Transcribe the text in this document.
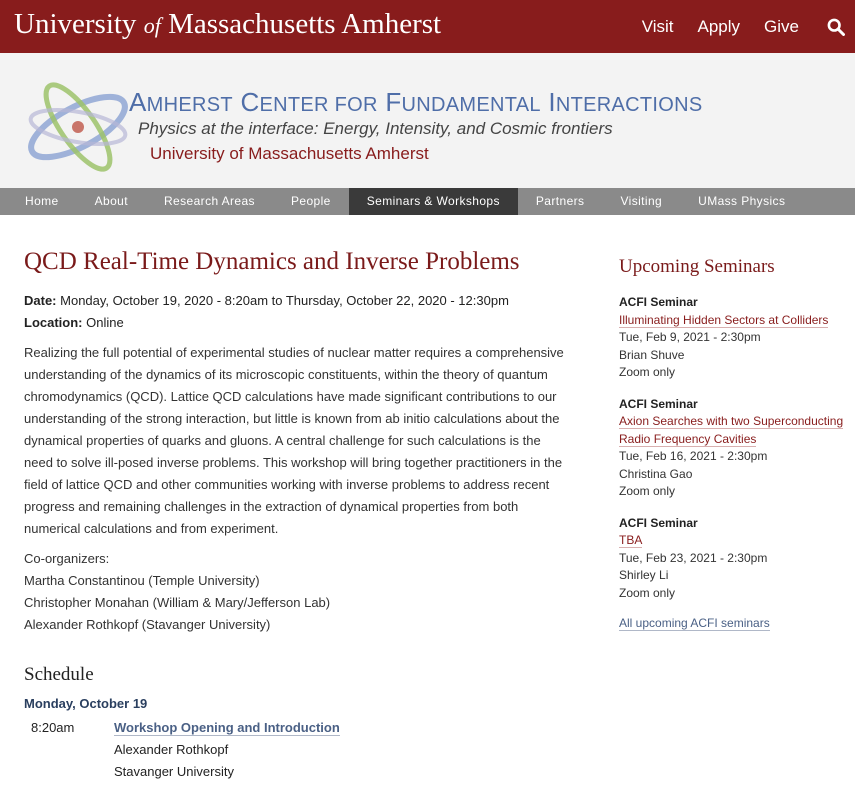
University of Massachusetts Amherst	Visit Apply Give
AMHERST CENTER FOR FUNDAMENTAL INTERACTIONS
Physics at the interface: Energy, Intensity, and Cosmic frontiers
University of Massachusetts Amherst
Home	About	Research Areas	People	Seminars & Workshops	Partners	Visiting	UMass Physics
QCD Real-Time Dynamics and Inverse Problems
Date: Monday, October 19, 2020 - 8:20am to Thursday, October 22, 2020 - 12:30pm
Location: Online

Realizing the full potential of experimental studies of nuclear matter requires a comprehensive understanding of the dynamics of its microscopic constituents, within the theory of quantum chromodynamics (QCD). Lattice QCD calculations have made significant contributions to our understanding of the strong interaction, but little is known from ab initio calculations about the dynamical properties of quarks and gluons. A central challenge for such calculations is the need to solve ill-posed inverse problems. This workshop will bring together practitioners in the field of lattice QCD and other communities working with inverse problems to address recent progress and remaining challenges in the extraction of dynamical properties from both numerical calculations and from experiment.

Co-organizers:
Martha Constantinou (Temple University)
Christopher Monahan (William & Mary/Jefferson Lab)
Alexander Rothkopf (Stavanger University)
Schedule
Monday, October 19
8:20am	Workshop Opening and Introduction
Alexander Rothkopf
Stavanger University
Upcoming Seminars
ACFI Seminar
Illuminating Hidden Sectors at Colliders
Tue, Feb 9, 2021 - 2:30pm
Brian Shuve
Zoom only
ACFI Seminar
Axion Searches with two Superconducting
Radio Frequency Cavities
Tue, Feb 16, 2021 - 2:30pm
Christina Gao
Zoom only
ACFI Seminar
TBA
Tue, Feb 23, 2021 - 2:30pm
Shirley Li
Zoom only
All upcoming ACFI seminars
